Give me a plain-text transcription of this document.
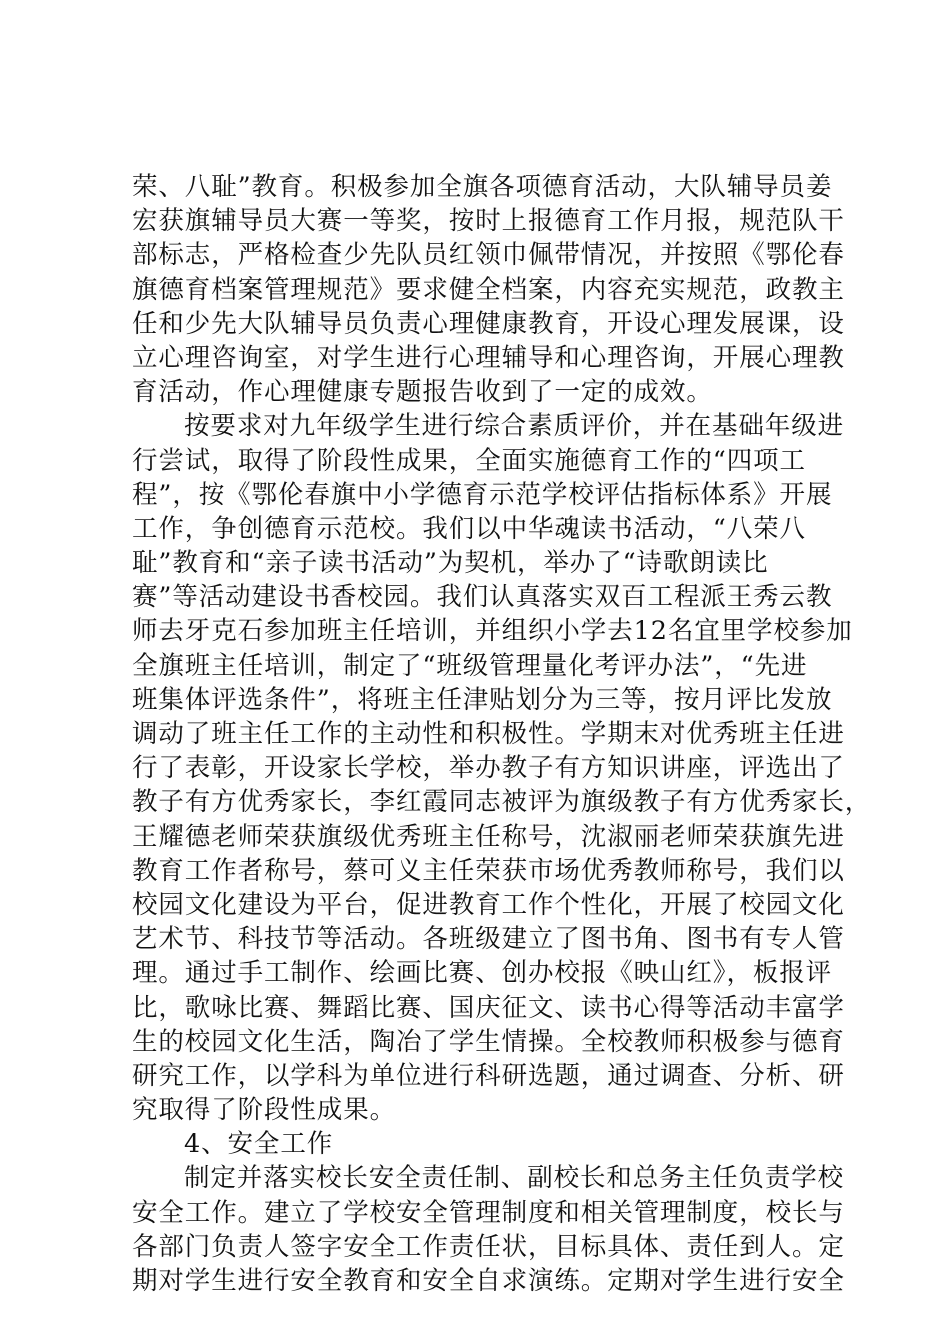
荣、八耻”教育。积极参加全旗各项德育活动，大队辅导员姜
宏获旗辅导员大赛一等奖，按时上报德育工作月报，规范队干
部标志，严格检查少先队员红领巾佩带情况，并按照《鄂伦春
旗德育档案管理规范》要求健全档案，内容充实规范，政教主
任和少先大队辅导员负责心理健康教育，开设心理发展课，设
立心理咨询室，对学生进行心理辅导和心理咨询，开展心理教
育活动，作心理健康专题报告收到了一定的成效。
按要求对九年级学生进行综合素质评价，并在基础年级进
行尝试，取得了阶段性成果，全面实施德育工作的“四项工
程”，按《鄂伦春旗中小学德育示范学校评估指标体系》开展
工作，争创德育示范校。我们以中华魂读书活动，“八荣八
耻”教育和“亲子读书活动”为契机，举办了“诗歌朗读比
赛”等活动建设书香校园。我们认真落实双百工程派王秀云教
师去牙克石参加班主任培训，并组织小学去12名宜里学校参加
全旗班主任培训，制定了“班级管理量化考评办法”，“先进
班集体评选条件”，将班主任津贴划分为三等，按月评比发放
调动了班主任工作的主动性和积极性。学期末对优秀班主任进
行了表彰，开设家长学校，举办教子有方知识讲座，评选出了
教子有方优秀家长，李红霞同志被评为旗级教子有方优秀家长，
王耀德老师荣获旗级优秀班主任称号，沈淑丽老师荣获旗先进
教育工作者称号，蔡可义主任荣获市场优秀教师称号，我们以
校园文化建设为平台，促进教育工作个性化，开展了校园文化
艺术节、科技节等活动。各班级建立了图书角、图书有专人管
理。通过手工制作、绘画比赛、创办校报《映山红》，板报评
比，歌咏比赛、舞蹈比赛、国庆征文、读书心得等活动丰富学
生的校园文化生活，陶冶了学生情操。全校教师积极参与德育
研究工作，以学科为单位进行科研选题，通过调查、分析、研
究取得了阶段性成果。
4、安全工作
制定并落实校长安全责任制、副校长和总务主任负责学校
安全工作。建立了学校安全管理制度和相关管理制度，校长与
各部门负责人签字安全工作责任状，目标具体、责任到人。定
期对学生进行安全教育和安全自求演练。定期对学生进行安全
